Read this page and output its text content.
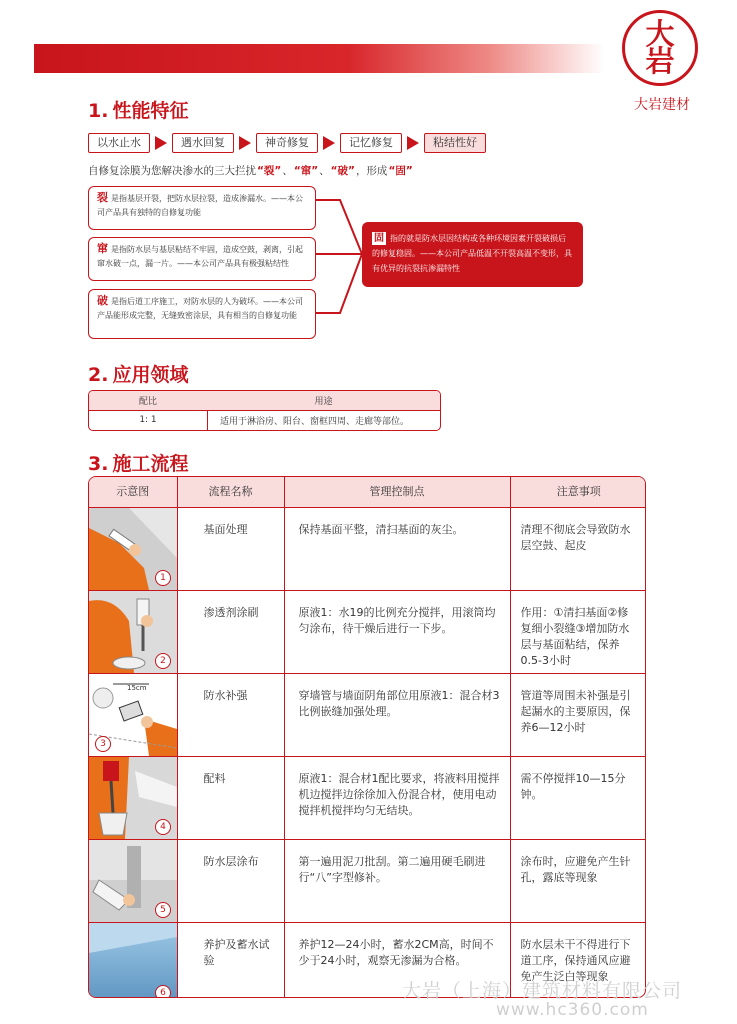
大
岩
大岩建材
1. 性能特征
以水止水	遇水回复	神奇修复	记忆修复	粘结性好
自修复涂膜为您解决渗水的三大拦扰“裂”、“窜”、“破”，形成“固”
裂 是指基层开裂，把防水层拉裂，造成渗漏水。——本公司产品具有独特的自修复功能
窜 是指防水层与基层粘结不牢固，造成空鼓，剥离，引起窜水破一点，漏一片。——本公司产品具有极强粘结性
破 是指后道工序施工，对防水层的人为破坏。——本公司产品能形成完整，无缝致密涂层，具有相当的自修复功能
固 指的就是防水层因结构或各种环境因素开裂破损后的修复稳固。——本公司产品低温不开裂高温不变形，具有优异的抗裂抗渗漏特性
2. 应用领域
配比	用途
1: 1	适用于淋浴房、阳台、窗框四周、走廊等部位。
3. 施工流程
示意图	流程名称	管理控制点	注意事项

1	基面处理	保持基面平整，清扫基面的灰尘。	清理不彻底会导致防水层空鼓、起皮

2	渗透剂涂刷	原液1：水19的比例充分搅拌，用滚筒均匀涂布，待干燥后进行一下步。	作用：①清扫基面②修复细小裂缝③增加防水层与基面粘结，保养0.5-3小时

15cm
3	防水补强	穿墙管与墙面阴角部位用原液1：混合材3比例嵌缝加强处理。	管道等周围未补强是引起漏水的主要原因，保养6—12小时

4	配料	原液1：混合材1配比要求，将液料用搅拌机边搅拌边徐徐加入份混合材，使用电动搅拌机搅拌均匀无结块。	需不停搅拌10—15分钟。

5	防水层涂布	第一遍用泥刀批刮。第二遍用硬毛刷进行“八”字型修补。	涂布时，应避免产生针孔，露底等现象

6	养护及蓄水试验	养护12—24小时，蓄水2CM高，时间不少于24小时，观察无渗漏为合格。	防水层未干不得进行下道工序，保持通风应避免产生泛白等现象
大岩（上海）建筑材料有限公司
www.hc360.com
